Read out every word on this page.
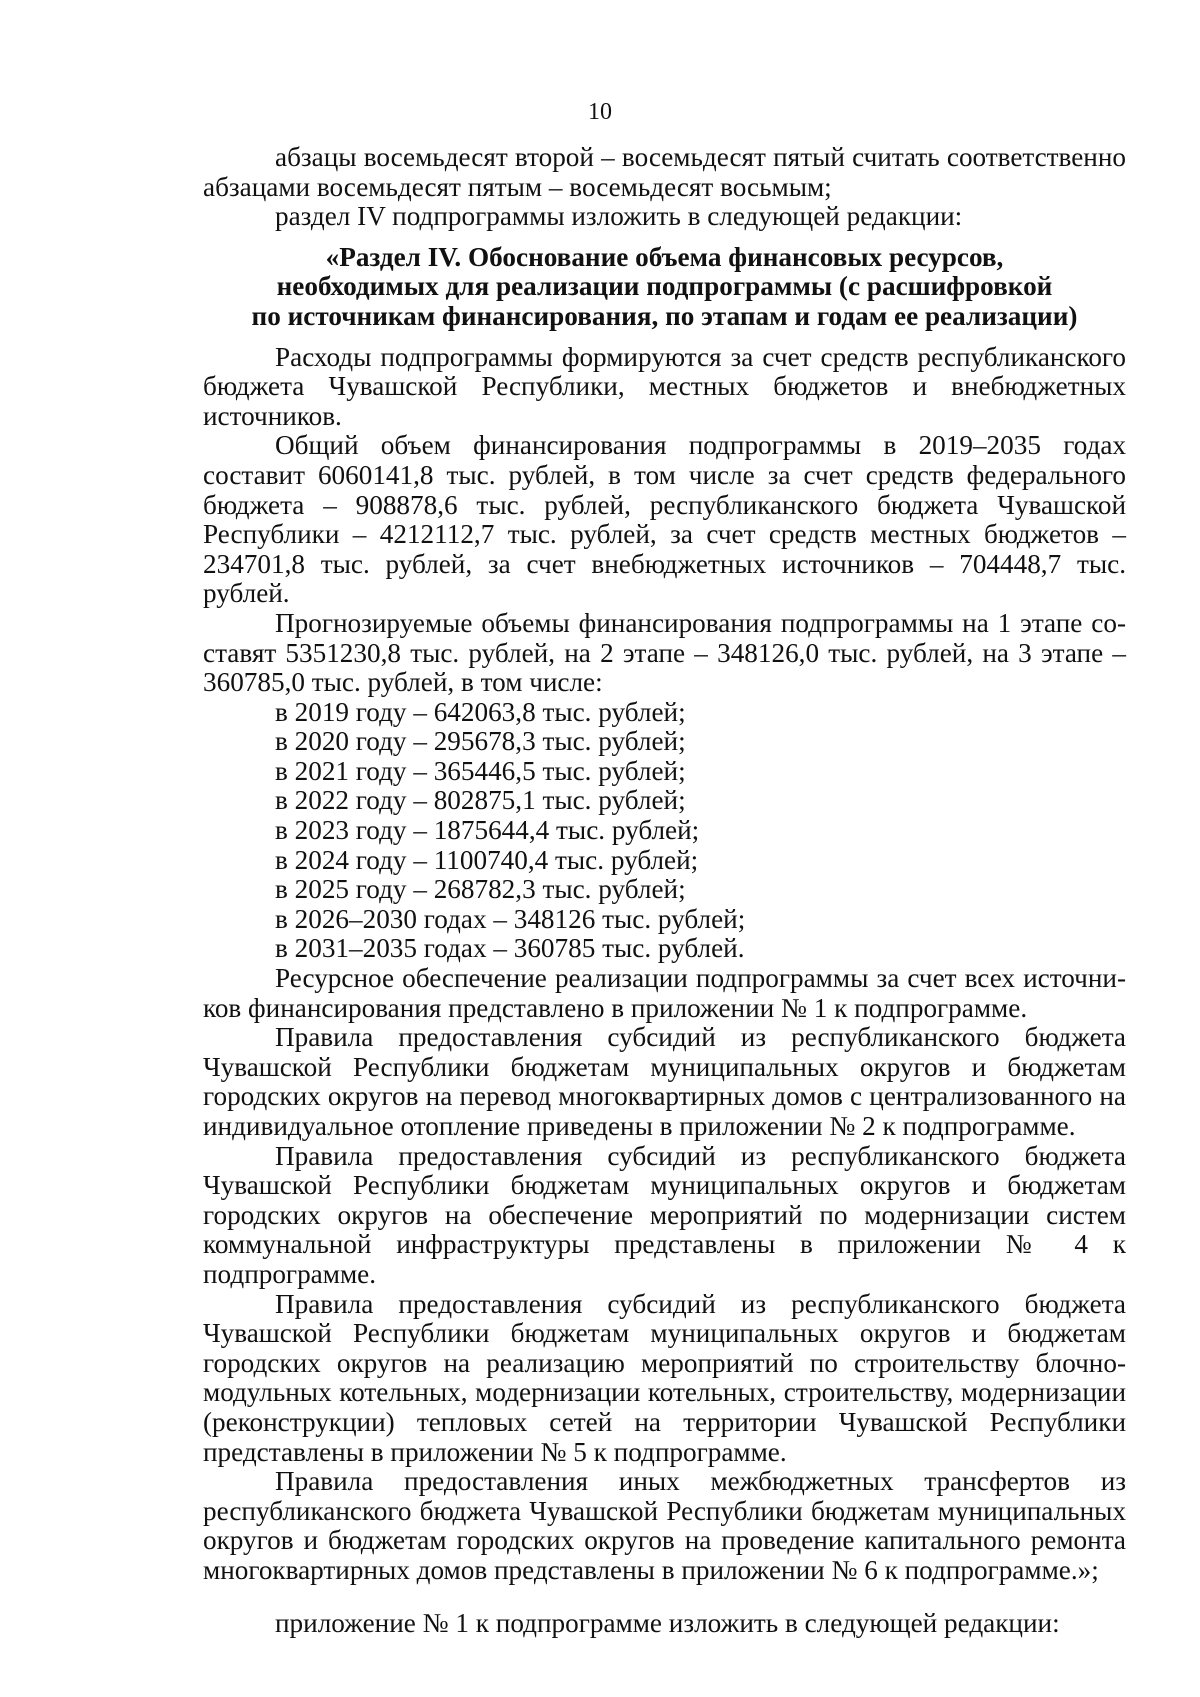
10

абзацы восемьдесят второй – восемьдесят пятый считать соответственно абзацами восемьдесят пятым – восемьдесят восьмым;

раздел IV подпрограммы изложить в следующей редакции:

«Раздел IV. Обоснование объема финансовых ресурсов,
необходимых для реализации подпрограммы (с расшифровкой
по источникам финансирования, по этапам и годам ее реализации)

Расходы подпрограммы формируются за счет средств республиканского бюджета Чувашской Республики, местных бюджетов и внебюджетных источников.

Общий объем финансирования подпрограммы в 2019–2035 годах составит 6060141,8 тыс. рублей, в том числе за счет средств федерального бюджета – 908878,6 тыс. рублей, республиканского бюджета Чувашской Республики – 4212112,7 тыс. рублей, за счет средств местных бюджетов – 234701,8 тыс. рублей, за счет внебюджетных источников – 704448,7 тыс. рублей.

Прогнозируемые объемы финансирования подпрограммы на 1 этапе составят 5351230,8 тыс. рублей, на 2 этапе – 348126,0 тыс. рублей, на 3 этапе – 360785,0 тыс. рублей, в том числе:

в 2019 году – 642063,8 тыс. рублей;
в 2020 году – 295678,3 тыс. рублей;
в 2021 году – 365446,5 тыс. рублей;
в 2022 году – 802875,1 тыс. рублей;
в 2023 году – 1875644,4 тыс. рублей;
в 2024 году – 1100740,4 тыс. рублей;
в 2025 году – 268782,3 тыс. рублей;
в 2026–2030 годах – 348126 тыс. рублей;
в 2031–2035 годах – 360785 тыс. рублей.

Ресурсное обеспечение реализации подпрограммы за счет всех источников финансирования представлено в приложении № 1 к подпрограмме.

Правила предоставления субсидий из республиканского бюджета Чувашской Республики бюджетам муниципальных округов и бюджетам городских округов на перевод многоквартирных домов с централизованного на индивидуальное отопление приведены в приложении № 2 к подпрограмме.

Правила предоставления субсидий из республиканского бюджета Чувашской Республики бюджетам муниципальных округов и бюджетам городских округов на обеспечение мероприятий по модернизации систем коммунальной инфраструктуры представлены в приложении № 4 к подпрограмме.

Правила предоставления субсидий из республиканского бюджета Чувашской Республики бюджетам муниципальных округов и бюджетам городских округов на реализацию мероприятий по строительству блочно-модульных котельных, модернизации котельных, строительству, модернизации (реконструкции) тепловых сетей на территории Чувашской Республики представлены в приложении № 5 к подпрограмме.

Правила предоставления иных межбюджетных трансфертов из республиканского бюджета Чувашской Республики бюджетам муниципальных округов и бюджетам городских округов на проведение капитального ремонта многоквартирных домов представлены в приложении № 6 к подпрограмме.»;

приложение № 1 к подпрограмме изложить в следующей редакции:
